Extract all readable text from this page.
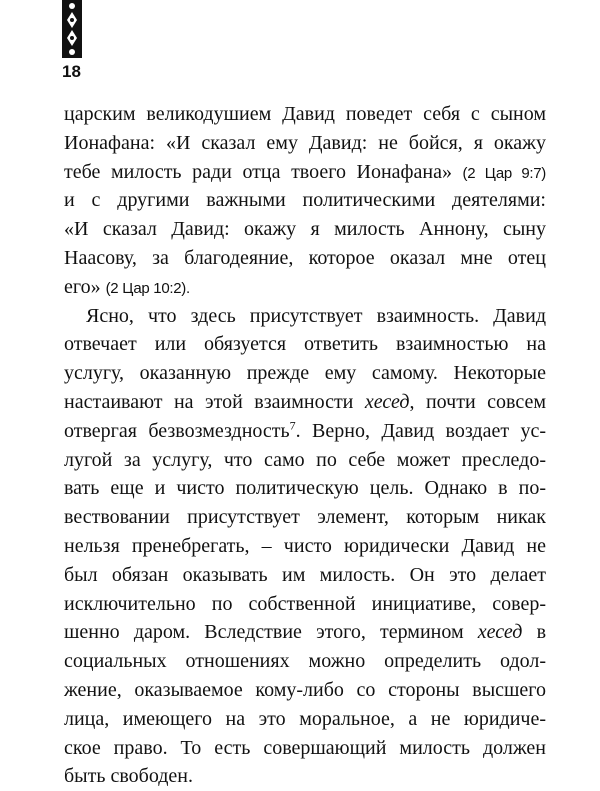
18
царским великодушием Давид поведет себя с сыном
Ионафана: «И сказал ему Давид: не бойся, я окажу
тебе милость ради отца твоего Ионафана» (2 Цар 9:7)
и с другими важными политическими деятелями:
«И сказал Давид: окажу я милость Аннону, сыну
Наасову, за благодеяние, которое оказал мне отец
его» (2 Цар 10:2).
Ясно, что здесь присутствует взаимность. Давид
отвечает или обязуется ответить взаимностью на
услугу, оказанную прежде ему самому. Некоторые
настаивают на этой взаимности хесед, почти совсем
отвергая безвозмездность$^7$. Верно, Давид воздает ус-
лугой за услугу, что само по себе может преследо-
вать еще и чисто политическую цель. Однако в по-
вествовании присутствует элемент, которым никак
нельзя пренебрегать, – чисто юридически Давид не
был обязан оказывать им милость. Он это делает
исключительно по собственной инициативе, совер-
шенно даром. Вследствие этого, термином хесед в
социальных отношениях можно определить одол-
жение, оказываемое кому-либо со стороны высшего
лица, имеющего на это моральное, а не юридиче-
ское право. То есть совершающий милость должен
быть свободен.
